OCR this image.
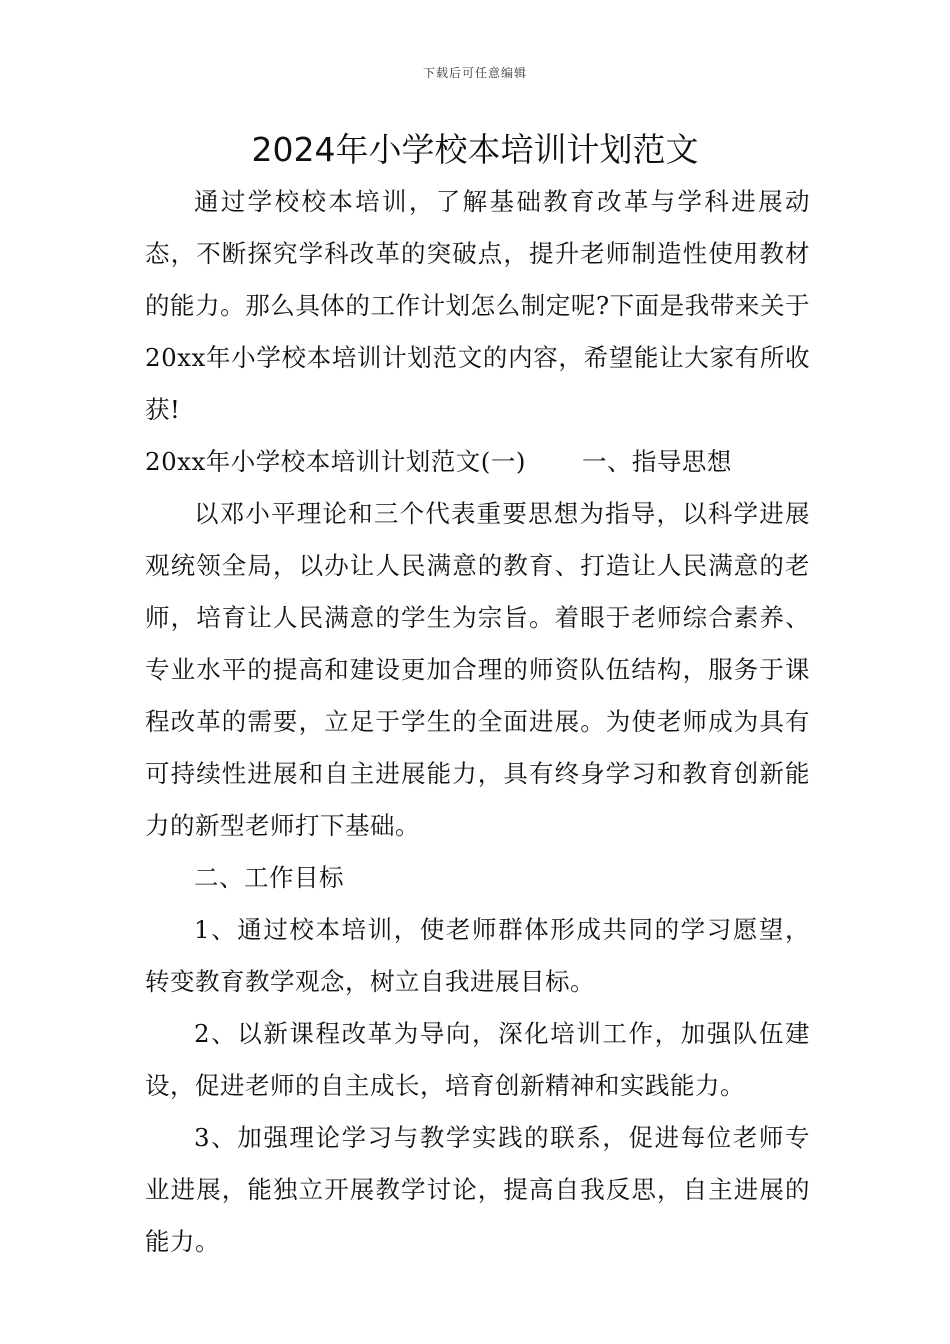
下载后可任意编辑
2024年小学校本培训计划范文

通过学校校本培训，了解基础教育改革与学科进展动态，不断探究学科改革的突破点，提升老师制造性使用教材的能力。那么具体的工作计划怎么制定呢?下面是我带来关于20xx年小学校本培训计划范文的内容，希望能让大家有所收获!

20xx年小学校本培训计划范文(一) 一、指导思想

以邓小平理论和三个代表重要思想为指导，以科学进展观统领全局，以办让人民满意的教育、打造让人民满意的老师，培育让人民满意的学生为宗旨。着眼于老师综合素养、专业水平的提高和建设更加合理的师资队伍结构，服务于课程改革的需要，立足于学生的全面进展。为使老师成为具有可持续性进展和自主进展能力，具有终身学习和教育创新能力的新型老师打下基础。

二、工作目标

1、通过校本培训，使老师群体形成共同的学习愿望，转变教育教学观念，树立自我进展目标。

2、以新课程改革为导向，深化培训工作，加强队伍建设，促进老师的自主成长，培育创新精神和实践能力。

3、加强理论学习与教学实践的联系，促进每位老师专业进展，能独立开展教学讨论，提高自我反思，自主进展的能力。
